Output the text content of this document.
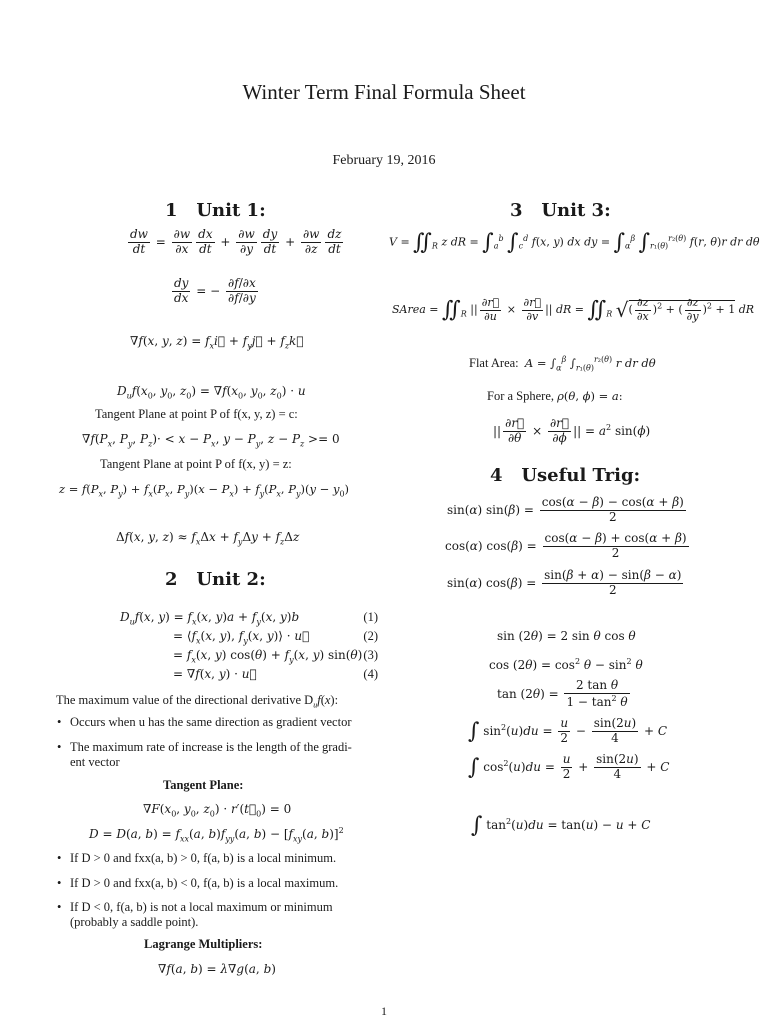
Winter Term Final Formula Sheet
February 19, 2016
1 Unit 1:
$\frac{dw}{dt} = \frac{\partial w}{\partial x} \frac{dx}{dt} + \frac{\partial w}{\partial y} \frac{dy}{dt} + \frac{\partial w}{\partial z} \frac{dz}{dt}$
$\frac{dy}{dx}$ = − $\frac{\partial f/\partial x}{\partial f/\partial y}$
∇f(x, y, $z) = f_xi⃗$ + $f_yj⃗$ + $f_zk⃗$
$D_uf(x_0$, $y_0$, $z_0) = \nabla f(x_0$, $y_0$, $z_0) \cdot u$
Tangent Plane at point P of f(x, y, z) = c:
$\nabla f(P_x$, $P_y$, $P_z)\cdot < x - P_x$, $y - P_y$, $z - P_z >= 0$
Tangent Plane at point P of f(x, y) = z:
$z = f(P_x$, $P_y) + f_x(P_x$, $P_y)(x - P_x) + f_y(P_x$, $P_y)(y - y_0)$
Δf(x, y, $z) \approx f_x\Delta x + f_y\Delta y + f_z\Delta z$
2 Unit 2:
$D_uf(x$, $y) = f_x(x$, $y)a + f_y(x$, y)b
= $⟨f_x(x$, y), $f_y(x$, y)⟩ · u⃗
= $f_x(x$, y) $\cos(\theta) + f_y(x$, y) sin(θ)
= ∇f(x, y) · u⃗
(1)
(2)
(3)
(4)
The maximum value of the directional derivative $D_uf(x)$:
• Occurs when u has the same direction as gradient vector
• The maximum rate of increase is the length of the gradi-
ent vector
Tangent Plane:
$\nabla F(x_0$, $y_0$, $z_0$) · $r'(t⃗_0) = 0$
D = D(a, $b) = f_{xx}(a$, $b)f_{yy}(a$, $b) - [f_{xy}(a$, b)]$^2$
• If D > 0 and fxx(a, b) > 0, f(a, b) is a local minimum.
• If D > 0 and fxx(a, b) < 0, f(a, b) is a local maximum.
• If D < 0, f(a, b) is not a local maximum or minimum
(probably a saddle point).
Lagrange Multipliers:
∇f(a, b) = λ∇g(a, b)
3 Unit 3:
$V = ∬_R$ z dR = $\int_a^b$ $\int_c^d$ f(x, y) dx dy = $\int_\alpha^\beta$ $\int_{r_1(\theta)}^{r_2(\theta)}$ f(r, θ)r dr dθ
SArea = $∬_R$ || $\frac{\partial r⃗}{\partial u} \times \frac{\partial r⃗}{\partial v}$ || dR = $∬_R$ √( $\frac{\partial z}{\partial x} )^2$ + ( $\frac{\partial z}{\partial y} )^2 + 1$ dR
Flat Area: $A = \int_\alpha^\beta$ $\int_{r_1(\theta)}^{r_2(\theta)}$ r dr dθ
For a Sphere, ρ(θ, ϕ) = a:
|| $\frac{\partial r⃗}{\partial\theta} \times \frac{\partial r⃗}{\partial\phi}$ || = $a^2$ sin(ϕ)
4 Useful Trig:
sin(α) $\sin(\beta) = \frac{\cos(\alpha - \beta) - \cos(\alpha + \beta)}{2}$
cos(α) $\cos(\beta) = \frac{\cos(\alpha - \beta) + \cos(\alpha + \beta)}{2}$
sin(α) $\cos(\beta) = \frac{\sin(\beta + \alpha) - \sin(\beta - \alpha)}{2}$
sin (2θ) = 2 sin θ cos θ
$\cos (2\theta) = \cos^2 \theta - \sin^2 \theta$
$\tan (2\theta) = \frac{\text{2 tan θ}}{1 - \tan^2 \theta}$
∫ $\sin^2(u)du = \frac{u}{2} - \frac{\sin(2u)}{4} + C$
∫ $\cos^2(u)du = \frac{u}{2} + \frac{\sin(2u)}{4} + C$
∫ $\tan^2(u)du = \tan(u) - u + C$
1
